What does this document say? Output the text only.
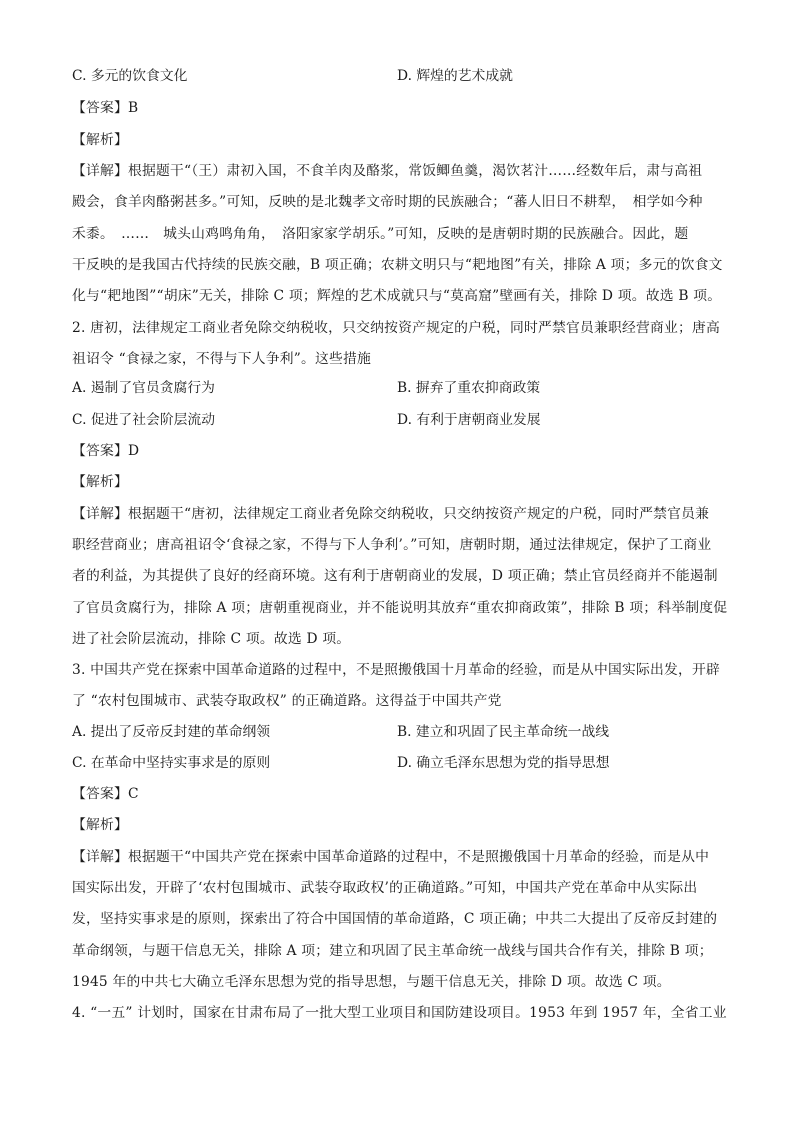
C. 多元的饮食文化	D. 辉煌的艺术成就
【答案】B
【解析】
【详解】根据题干“（王）肃初入国，不食羊肉及酪浆，常饭鲫鱼羹，渴饮茗汁……经数年后，肃与高祖
殿会，食羊肉酪粥甚多。”可知，反映的是北魏孝文帝时期的民族融合；“蕃人旧日不耕犁，　相学如今种
禾黍。　……　城头山鸡鸣角角，　洛阳家家学胡乐。”可知，反映的是唐朝时期的民族融合。因此，题
干反映的是我国古代持续的民族交融，B 项正确；农耕文明只与“耙地图”有关，排除 A 项；多元的饮食文
化与“耙地图”“胡床”无关，排除 C 项；辉煌的艺术成就只与“莫高窟”壁画有关，排除 D 项。故选 B 项。
2. 唐初，法律规定工商业者免除交纳税收，只交纳按资产规定的户税，同时严禁官员兼职经营商业；唐高
祖诏令 “食禄之家，不得与下人争利”。这些措施
A. 遏制了官员贪腐行为	B. 摒弃了重农抑商政策
C. 促进了社会阶层流动	D. 有利于唐朝商业发展
【答案】D
【解析】
【详解】根据题干“唐初，法律规定工商业者免除交纳税收，只交纳按资产规定的户税，同时严禁官员兼
职经营商业；唐高祖诏令‘食禄之家，不得与下人争利’。”可知，唐朝时期，通过法律规定，保护了工商业
者的利益，为其提供了良好的经商环境。这有利于唐朝商业的发展，D 项正确；禁止官员经商并不能遏制
了官员贪腐行为，排除 A 项；唐朝重视商业，并不能说明其放弃“重农抑商政策”，排除 B 项；科举制度促
进了社会阶层流动，排除 C 项。故选 D 项。
3. 中国共产党在探索中国革命道路的过程中，不是照搬俄国十月革命的经验，而是从中国实际出发，开辟
了 “农村包围城市、武装夺取政权” 的正确道路。这得益于中国共产党
A. 提出了反帝反封建的革命纲领	B. 建立和巩固了民主革命统一战线
C. 在革命中坚持实事求是的原则	D. 确立毛泽东思想为党的指导思想
【答案】C
【解析】
【详解】根据题干“中国共产党在探索中国革命道路的过程中，不是照搬俄国十月革命的经验，而是从中
国实际出发，开辟了‘农村包围城市、武装夺取政权’的正确道路。”可知，中国共产党在革命中从实际出
发，坚持实事求是的原则，探索出了符合中国国情的革命道路，C 项正确；中共二大提出了反帝反封建的
革命纲领，与题干信息无关，排除 A 项；建立和巩固了民主革命统一战线与国共合作有关，排除 B 项；
1945 年的中共七大确立毛泽东思想为党的指导思想，与题干信息无关，排除 D 项。故选 C 项。
4. “一五” 计划时，国家在甘肃布局了一批大型工业项目和国防建设项目。1953 年到 1957 年，全省工业
